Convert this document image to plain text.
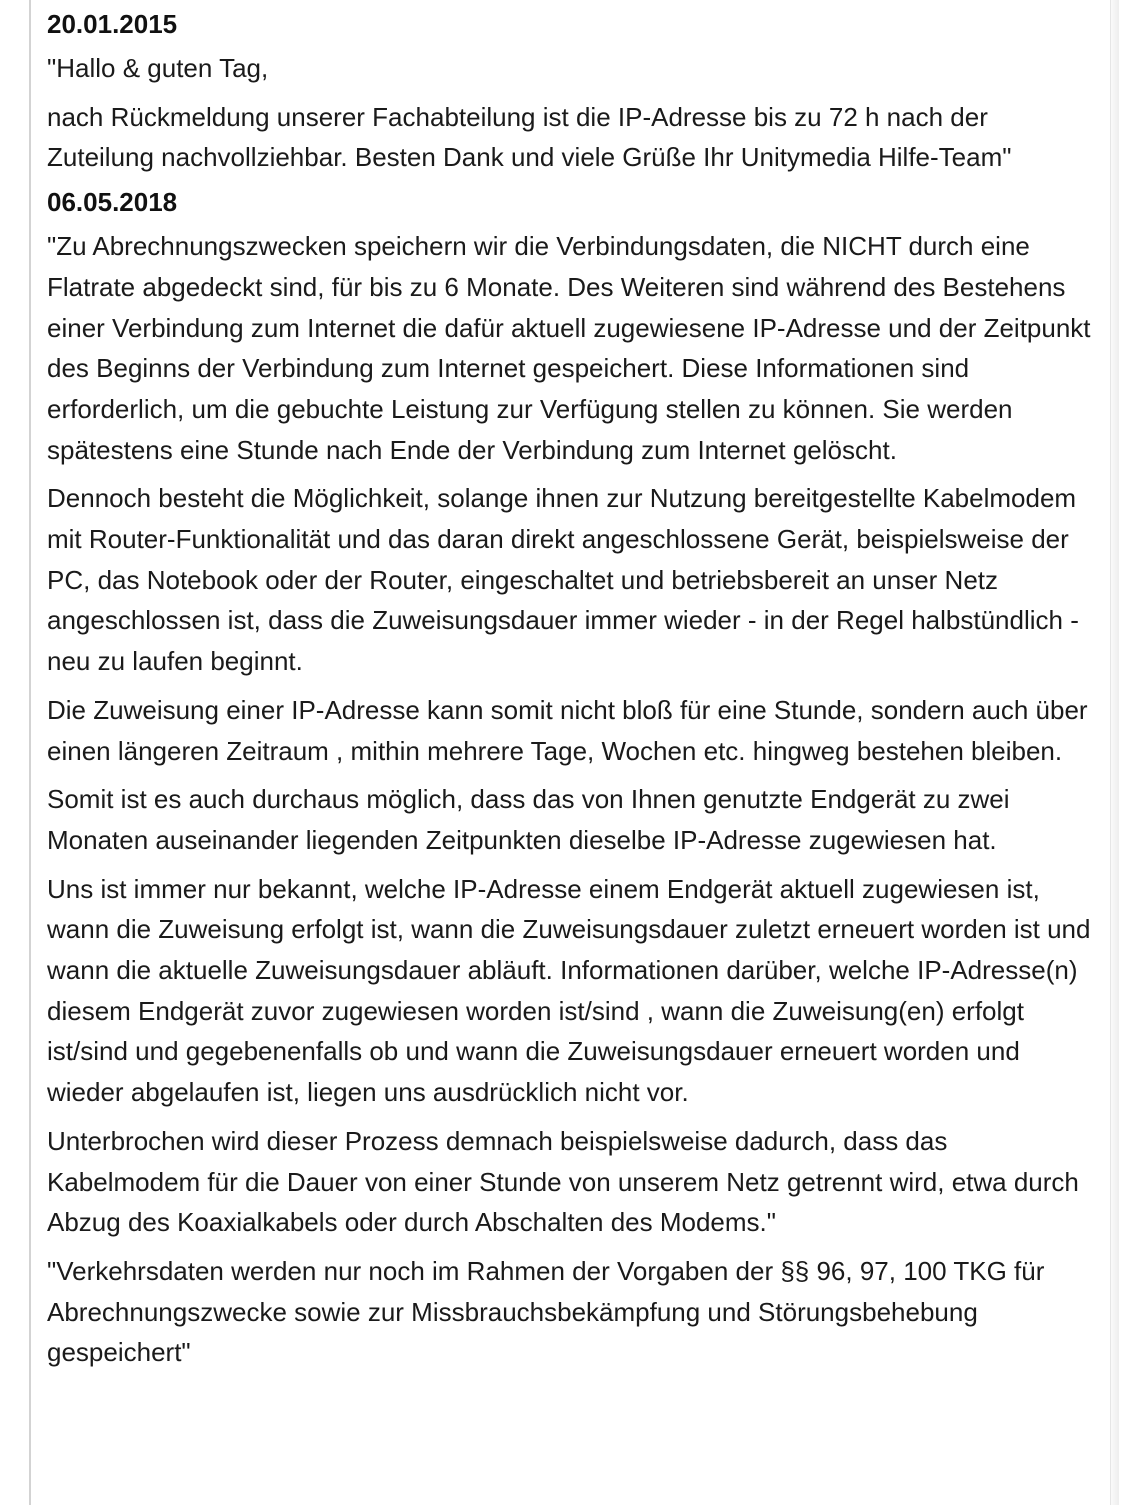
20.01.2015

"Hallo & guten Tag,

nach Rückmeldung unserer Fachabteilung ist die IP-Adresse bis zu 72 h nach der Zuteilung nachvollziehbar. Besten Dank und viele Grüße Ihr Unitymedia Hilfe-Team"

06.05.2018

"Zu Abrechnungszwecken speichern wir die Verbindungsdaten, die NICHT durch eine Flatrate abgedeckt sind, für bis zu 6 Monate. Des Weiteren sind während des Bestehens einer Verbindung zum Internet die dafür aktuell zugewiesene IP-Adresse und der Zeitpunkt des Beginns der Verbindung zum Internet gespeichert. Diese Informationen sind erforderlich, um die gebuchte Leistung zur Verfügung stellen zu können. Sie werden spätestens eine Stunde nach Ende der Verbindung zum Internet gelöscht.

Dennoch besteht die Möglichkeit, solange ihnen zur Nutzung bereitgestellte Kabelmodem mit Router-Funktionalität und das daran direkt angeschlossene Gerät, beispielsweise der PC, das Notebook oder der Router, eingeschaltet und betriebsbereit an unser Netz angeschlossen ist, dass die Zuweisungsdauer immer wieder - in der Regel halbstündlich - neu zu laufen beginnt.

Die Zuweisung einer IP-Adresse kann somit nicht bloß für eine Stunde, sondern auch über einen längeren Zeitraum , mithin mehrere Tage, Wochen etc. hingweg bestehen bleiben.

Somit ist es auch durchaus möglich, dass das von Ihnen genutzte Endgerät zu zwei Monaten auseinander liegenden Zeitpunkten dieselbe IP-Adresse zugewiesen hat.

Uns ist immer nur bekannt, welche IP-Adresse einem Endgerät aktuell zugewiesen ist, wann die Zuweisung erfolgt ist, wann die Zuweisungsdauer zuletzt erneuert worden ist und wann die aktuelle Zuweisungsdauer abläuft. Informationen darüber, welche IP-Adresse(n) diesem Endgerät zuvor zugewiesen worden ist/sind , wann die Zuweisung(en) erfolgt ist/sind und gegebenenfalls ob und wann die Zuweisungsdauer erneuert worden und wieder abgelaufen ist, liegen uns ausdrücklich nicht vor.

Unterbrochen wird dieser Prozess demnach beispielsweise dadurch, dass das Kabelmodem für die Dauer von einer Stunde von unserem Netz getrennt wird, etwa durch Abzug des Koaxialkabels oder durch Abschalten des Modems."

"Verkehrsdaten werden nur noch im Rahmen der Vorgaben der §§ 96, 97, 100 TKG für Abrechnungszwecke sowie zur Missbrauchsbekämpfung und Störungsbehebung gespeichert"
